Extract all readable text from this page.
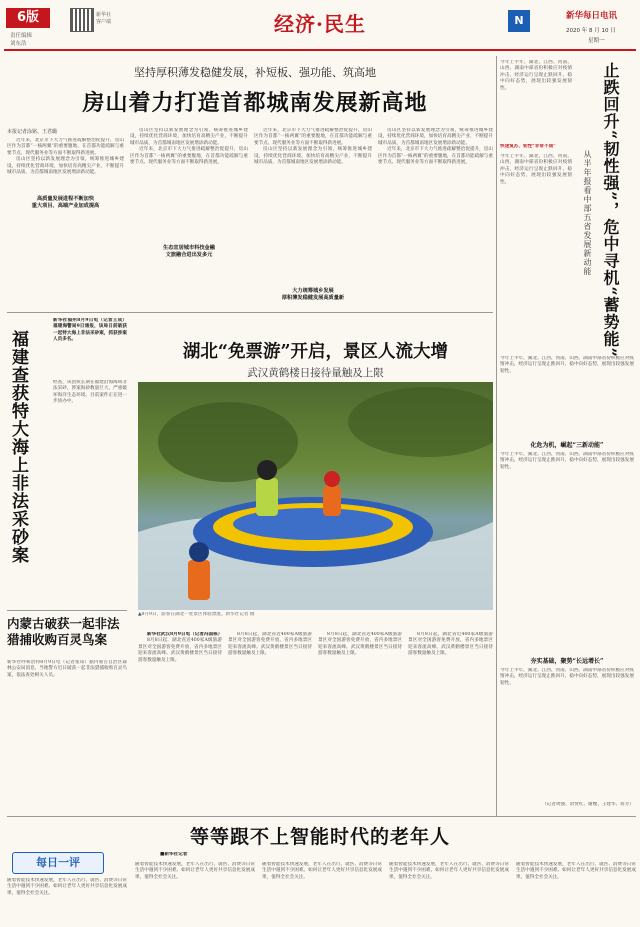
6版
责任编辑
刘东浩
新华社
客户端	经济·民生	N	新华每日电讯
2020 年 8 月 10 日
星期一
坚持厚积薄发稳健发展，补短板、强功能、筑高地
房山着力打造首都城南发展新高地
本报记者涂铭、王君璐

近年来，北京市下大力气推进疏解整治促提升，房山区作为首都“一核两翼”的重要腹地，在首都功能疏解与重要节点、现代服务业等方面不断取得新进展。

房山区坚持以新发展理念为引领，统筹推进城乡建设，持续优化营商环境，加快培育高精尖产业，不断提升城市品质，为首都城南地区发展增添新动能。

高质量发展进程不断加快
重大项目、高端产业加成提高

房山区坚持以新发展理念为引领，统筹推进城乡建设，持续优化营商环境，加快培育高精尖产业，不断提升城市品质，为首都城南地区发展增添新动能。

近年来，北京市下大力气推进疏解整治促提升，房山区作为首都“一核两翼”的重要腹地，在首都功能疏解与重要节点、现代服务业等方面不断取得新进展。

生态宜居城市科技金融
文旅融合进出发多元

近年来，北京市下大力气推进疏解整治促提升，房山区作为首都“一核两翼”的重要腹地，在首都功能疏解与重要节点、现代服务业等方面不断取得新进展。

房山区坚持以新发展理念为引领，统筹推进城乡建设，持续优化营商环境，加快培育高精尖产业，不断提升城市品质，为首都城南地区发展增添新动能。

大力统筹城乡发展
厚积薄发稳健发展高质量新

房山区坚持以新发展理念为引领，统筹推进城乡建设，持续优化营商环境，加快培育高精尖产业，不断提升城市品质，为首都城南地区发展增添新动能。

近年来，北京市下大力气推进疏解整治促提升，房山区作为首都“一核两翼”的重要腹地，在首都功能疏解与重要节点、现代服务业等方面不断取得新进展。

福建查获特大海上非法采砂案
新华社福州8月9日电（记者王成）福建海警局9日通报，该局日前破获一起特大海上非法采砂案，抓获涉案人员多名。
经查，该团伙长期在福建沿海海域非法采砂，涉案海砂数量巨大，严重破坏海洋生态环境。目前案件正在进一步侦办中。
内蒙古破获一起非法猎捕收购百灵鸟案
新华社呼和浩特8月9日电（记者张知）据内蒙古自治区森林公安局消息，当地警方近日破获一起非法猎捕收购百灵鸟案，依法查处相关人员。
湖北“免票游”开启，景区人流大增
武汉黄鹤楼日接待量触及上限
▲8月9日，游客在湖北一处景区体验漂流。新华社记者 摄

新华社武汉8月9日电（记者冯国栋）

8月8日起，湖北省近400家A级旅游景区对全国游客免费开放，省内多地景区迎来客流高峰。武汉黄鹤楼景区当日接待游客数量触及上限。

8月8日起，湖北省近400家A级旅游景区对全国游客免费开放，省内多地景区迎来客流高峰。武汉黄鹤楼景区当日接待游客数量触及上限。

8月8日起，湖北省近400家A级旅游景区对全国游客免费开放，省内多地景区迎来客流高峰。武汉黄鹤楼景区当日接待游客数量触及上限。

8月8日起，湖北省近400家A级旅游景区对全国游客免费开放，省内多地景区迎来客流高峰。武汉黄鹤楼景区当日接待游客数量触及上限。

今年上半年，湖北、江西、河南、山西、湖南中部省份积极应对疫情冲击，经济运行呈现止跌回升、稳中向好态势，展现出较强发展韧性。
快速复苏，韧性“非常不弱”
今年上半年，湖北、江西、河南、山西、湖南中部省份积极应对疫情冲击，经济运行呈现止跌回升、稳中向好态势，展现出较强发展韧性。	止跌回升“韧性强”，危中寻机“蓄势能”
从半年报看中部五省发展新动能
今年上半年，湖北、江西、河南、山西、湖南中部省份积极应对疫情冲击，经济运行呈现止跌回升、稳中向好态势，展现出较强发展韧性。
化危为机，崛起“三新动能”
今年上半年，湖北、江西、河南、山西、湖南中部省份积极应对疫情冲击，经济运行呈现止跌回升、稳中向好态势，展现出较强发展韧性。
夯实基础，聚势“长远增长”
今年上半年，湖北、江西、河南、山西、湖南中部省份积极应对疫情冲击，经济运行呈现止跌回升、稳中向好态势，展现出较强发展韧性。
（记者周强、余贤红、谢樱、王建华、蒋芳）
等等跟不上智能时代的老年人
每日一评
■新华社记者
随着智能技术快速发展，老年人在出行、就医、消费等日常生活中遇到不少困难。如何让老年人更好共享信息化发展成果，值得全社会关注。
随着智能技术快速发展，老年人在出行、就医、消费等日常生活中遇到不少困难。如何让老年人更好共享信息化发展成果，值得全社会关注。
随着智能技术快速发展，老年人在出行、就医、消费等日常生活中遇到不少困难。如何让老年人更好共享信息化发展成果，值得全社会关注。
随着智能技术快速发展，老年人在出行、就医、消费等日常生活中遇到不少困难。如何让老年人更好共享信息化发展成果，值得全社会关注。
随着智能技术快速发展，老年人在出行、就医、消费等日常生活中遇到不少困难。如何让老年人更好共享信息化发展成果，值得全社会关注。
